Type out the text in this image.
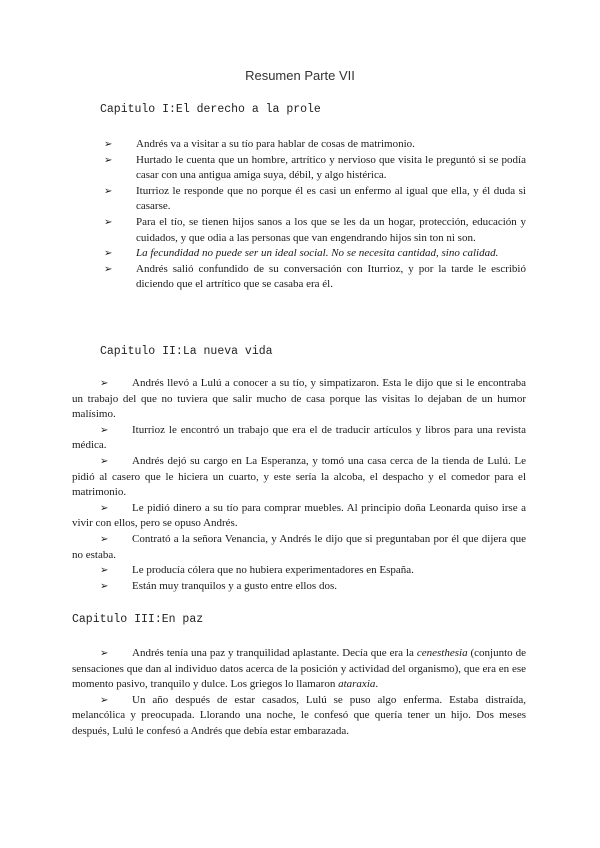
Resumen Parte VII
Capitulo I:El derecho a la prole
➢ Andrés va a visitar a su tío para hablar de cosas de matrimonio.
➢ Hurtado le cuenta que un hombre, artrítico y nervioso que visita le preguntó si se podía casar con una antigua amiga suya, débil, y algo histérica.
➢ Iturrioz le responde que no porque él es casi un enfermo al igual que ella, y él duda si casarse.
➢ Para el tío, se tienen hijos sanos a los que se les da un hogar, protección, educación y cuidados, y que odia a las personas que van engendrando hijos sin ton ni son.
➢ La fecundidad no puede ser un ideal social. No se necesita cantidad, sino calidad.
➢ Andrés salió confundido de su conversación con Iturrioz, y por la tarde le escribió diciendo que el artrítico que se casaba era él.
Capitulo II:La nueva vida
➢ Andrés llevó a Lulú a conocer a su tío, y simpatizaron. Esta le dijo que si le encontraba un trabajo del que no tuviera que salir mucho de casa porque las visitas lo dejaban de un humor malísimo.
➢ Iturrioz le encontró un trabajo que era el de traducir artículos y libros para una revista médica.
➢ Andrés dejó su cargo en La Esperanza, y tomó una casa cerca de la tienda de Lulú. Le pidió al casero que le hiciera un cuarto, y este sería la alcoba, el despacho y el comedor para el matrimonio.
➢ Le pidió dinero a su tío para comprar muebles. Al principio doña Leonarda quiso irse a vivir con ellos, pero se opuso Andrés.
➢ Contrató a la señora Venancia, y Andrés le dijo que si preguntaban por él que dijera que no estaba.
➢ Le producía cólera que no hubiera experimentadores en España.
➢ Están muy tranquilos y a gusto entre ellos dos.
Capitulo III:En paz
➢ Andrés tenía una paz y tranquilidad aplastante. Decía que era la cenesthesia (conjunto de sensaciones que dan al individuo datos acerca de la posición y actividad del organismo), que era en ese momento pasivo, tranquilo y dulce. Los griegos lo llamaron ataraxia.
➢ Un año después de estar casados, Lulú se puso algo enferma. Estaba distraída, melancólica y preocupada. Llorando una noche, le confesó que quería tener un hijo. Dos meses después, Lulú le confesó a Andrés que debía estar embarazada.
